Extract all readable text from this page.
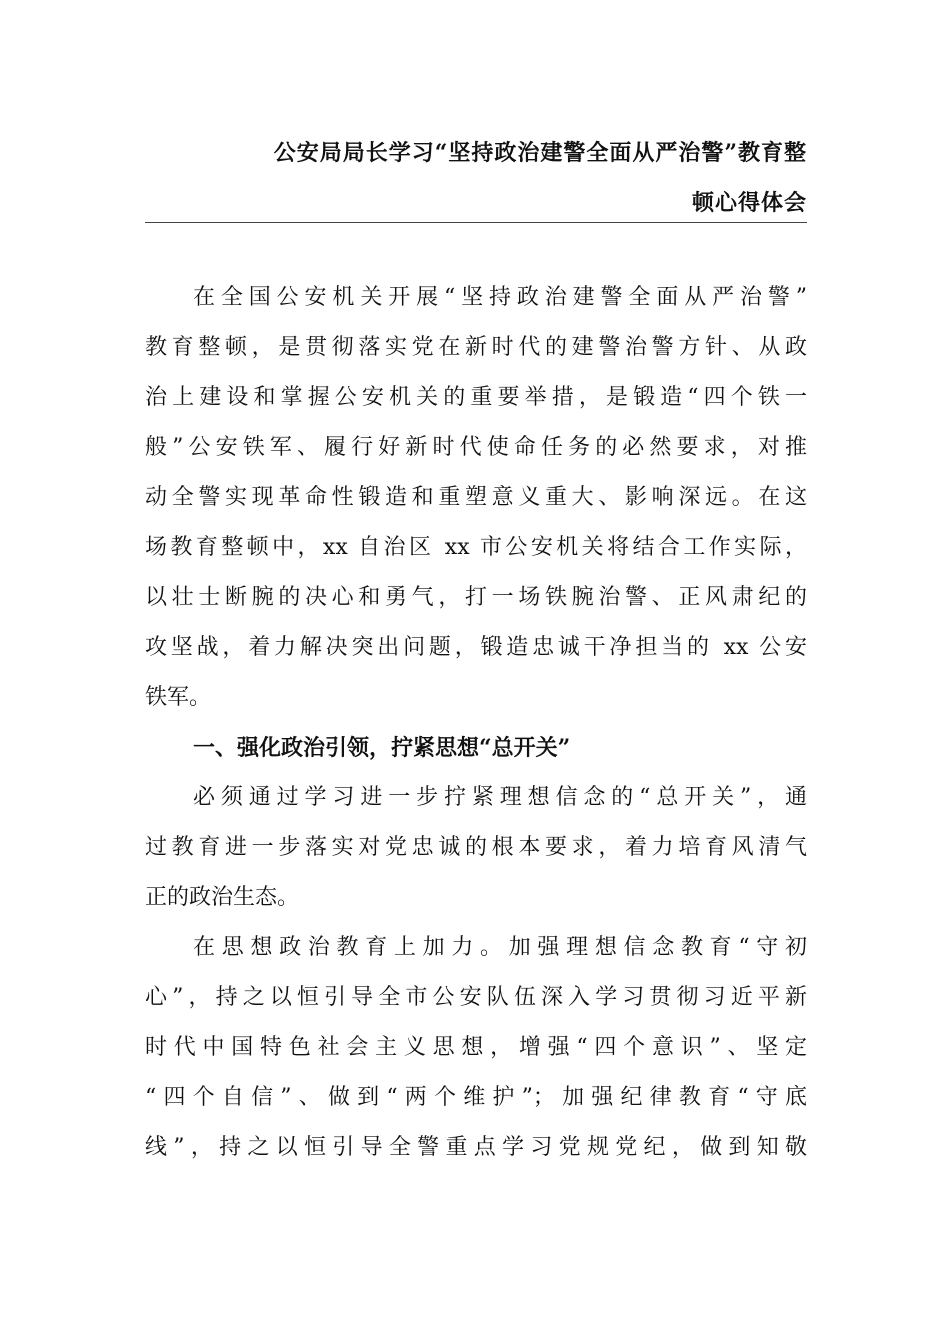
公安局局长学习“坚持政治建警全面从严治警”教育整
顿心得体会
在全国公安机关开展“坚持政治建警全面从严治警”
教育整顿，是贯彻落实党在新时代的建警治警方针、从政
治上建设和掌握公安机关的重要举措，是锻造“四个铁一
般”公安铁军、履行好新时代使命任务的必然要求，对推
动全警实现革命性锻造和重塑意义重大、影响深远。在这
场教育整顿中，xx 自治区 xx 市公安机关将结合工作实际，
以壮士断腕的决心和勇气，打一场铁腕治警、正风肃纪的
攻坚战，着力解决突出问题，锻造忠诚干净担当的 xx 公安
铁军。
一、强化政治引领，拧紧思想“总开关”
必须通过学习进一步拧紧理想信念的“总开关”，通
过教育进一步落实对党忠诚的根本要求，着力培育风清气
正的政治生态。
在思想政治教育上加力。加强理想信念教育“守初
心”，持之以恒引导全市公安队伍深入学习贯彻习近平新
时代中国特色社会主义思想，增强“四个意识”、坚定
“四个自信”、做到“两个维护”；加强纪律教育“守底
线”，持之以恒引导全警重点学习党规党纪，做到知敬
